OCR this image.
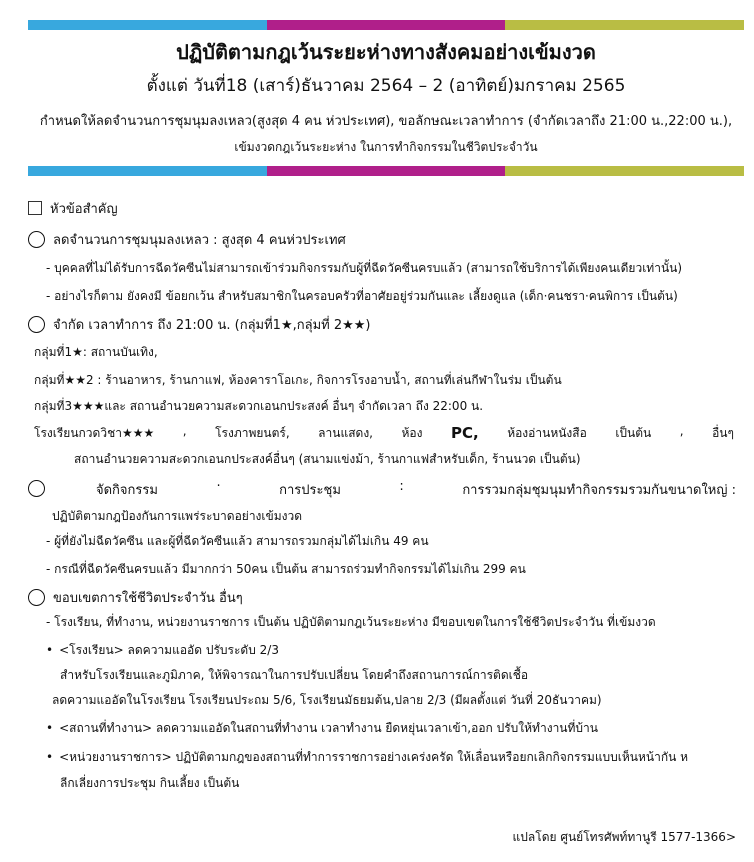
ปฏิบัติตามกฎเว้นระยะห่างทางสังคมอย่างเข้มงวด
ตั้งแต่ วันที่18 (เสาร์)ธันวาคม 2564 – 2 (อาทิตย์)มกราคม 2565
กำหนดให้ลดจำนวนการชุมนุมลงเหลว(สูงสุด 4 คน ห่วประเทศ), ขอลักษณะเวลาทำการ (จำกัดเวลาถึง 21:00 น.,22:00 น.),
เข้มงวดกฎเว้นระยะห่าง ในการทำกิจกรรมในชีวิตประจำวัน
หัวข้อสำคัญ
ลดจำนวนการชุมนุมลงเหลว : สูงสุด 4 คนห่วประเทศ
- บุคคลที่ไม่ได้รับการฉีดวัคซีนไม่สามารถเข้าร่วมกิจกรรมกับผู้ที่ฉีดวัคซีนครบแล้ว (สามารถใช้บริการได้เพียงคนเดียวเท่านั้น)
- อย่างไรก็ตาม ยังคงมี ข้อยกเว้น สำหรับสมาชิกในครอบครัวที่อาศัยอยู่ร่วมกันและ เลี้ยงดูแล (เด็ก·คนชรา·คนพิการ เป็นต้น)
จำกัด เวลาทำการ ถึง 21:00 น. (กลุ่มที่1★,กลุ่มที่ 2★★)
กลุ่มที่1★: สถานบันเทิง,
กลุ่มที่★★2 : ร้านอาหาร, ร้านกาแฟ, ห้องคาราโอเกะ, กิจการโรงอาบน้ำ, สถานที่เล่นกีฬาในร่ม เป็นต้น
กลุ่มที่3★★★และ สถานอำนวยความสะดวกเอนกประสงค์ อื่นๆ จำกัดเวลา ถึง 22:00 น.
โรงเรียนกวดวิชา★★★ , โรงภาพยนตร์, ลานแสดง, ห้อง PC, ห้องอ่านหนังสือ เป็นต้น , อื่นๆ
สถานอำนวยความสะดวกเอนกประสงค์อื่นๆ (สนามแข่งม้า, ร้านกาแฟสำหรับเด็ก, ร้านนวด เป็นต้น)
จัดกิจกรรม	·	การประชุม	:	การรวมกลุ่มชุมนุมทำกิจกรรมรวมกันขนาดใหญ่ :
ปฏิบัติตามกฎป้องกันการแพร่ระบาดอย่างเข้มงวด
- ผู้ที่ยังไม่ฉีดวัคซีน และผู้ที่ฉีดวัคซีนแล้ว สามารถรวมกลุ่มได้ไม่เกิน 49 คน
- กรณีที่ฉีดวัคซีนครบแล้ว มีมากกว่า 50คน เป็นต้น สามารถร่วมทำกิจกรรมได้ไม่เกิน 299 คน
ขอบเขตการใช้ชีวิตประจำวัน อื่นๆ
- โรงเรียน, ที่ทำงาน, หน่วยงานราชการ เป็นต้น ปฏิบัติตามกฎเว้นระยะห่าง มีขอบเขตในการใช้ชีวิตประจำวัน ที่เข้มงวด
• <โรงเรียน> ลดความแออัด ปรับระดับ 2/3
สำหรับโรงเรียนและภูมิภาค, ให้พิจารณาในการปรับเปลี่ยน โดยคำถึงสถานการณ์การติดเชื้อ
ลดความแออัดในโรงเรียน โรงเรียนประถม 5/6, โรงเรียนมัธยมต้น,ปลาย 2/3 (มีผลตั้งแต่ วันที่ 20ธันวาคม)
• <สถานที่ทำงาน> ลดความแออัดในสถานที่ทำงาน เวลาทำงาน ยืดหยุ่นเวลาเข้า,ออก ปรับให้ทำงานที่บ้าน
• <หน่วยงานราชการ> ปฏิบัติตามกฎของสถานที่ทำการราชการอย่างเคร่งครัด ให้เลื่อนหรือยกเลิกกิจกรรมแบบเห็นหน้ากัน ห
ลีกเลี่ยงการประชุม กินเลี้ยง เป็นต้น
แปลโดย ศูนย์โทรศัพท์ทานูรี 1577-1366>
